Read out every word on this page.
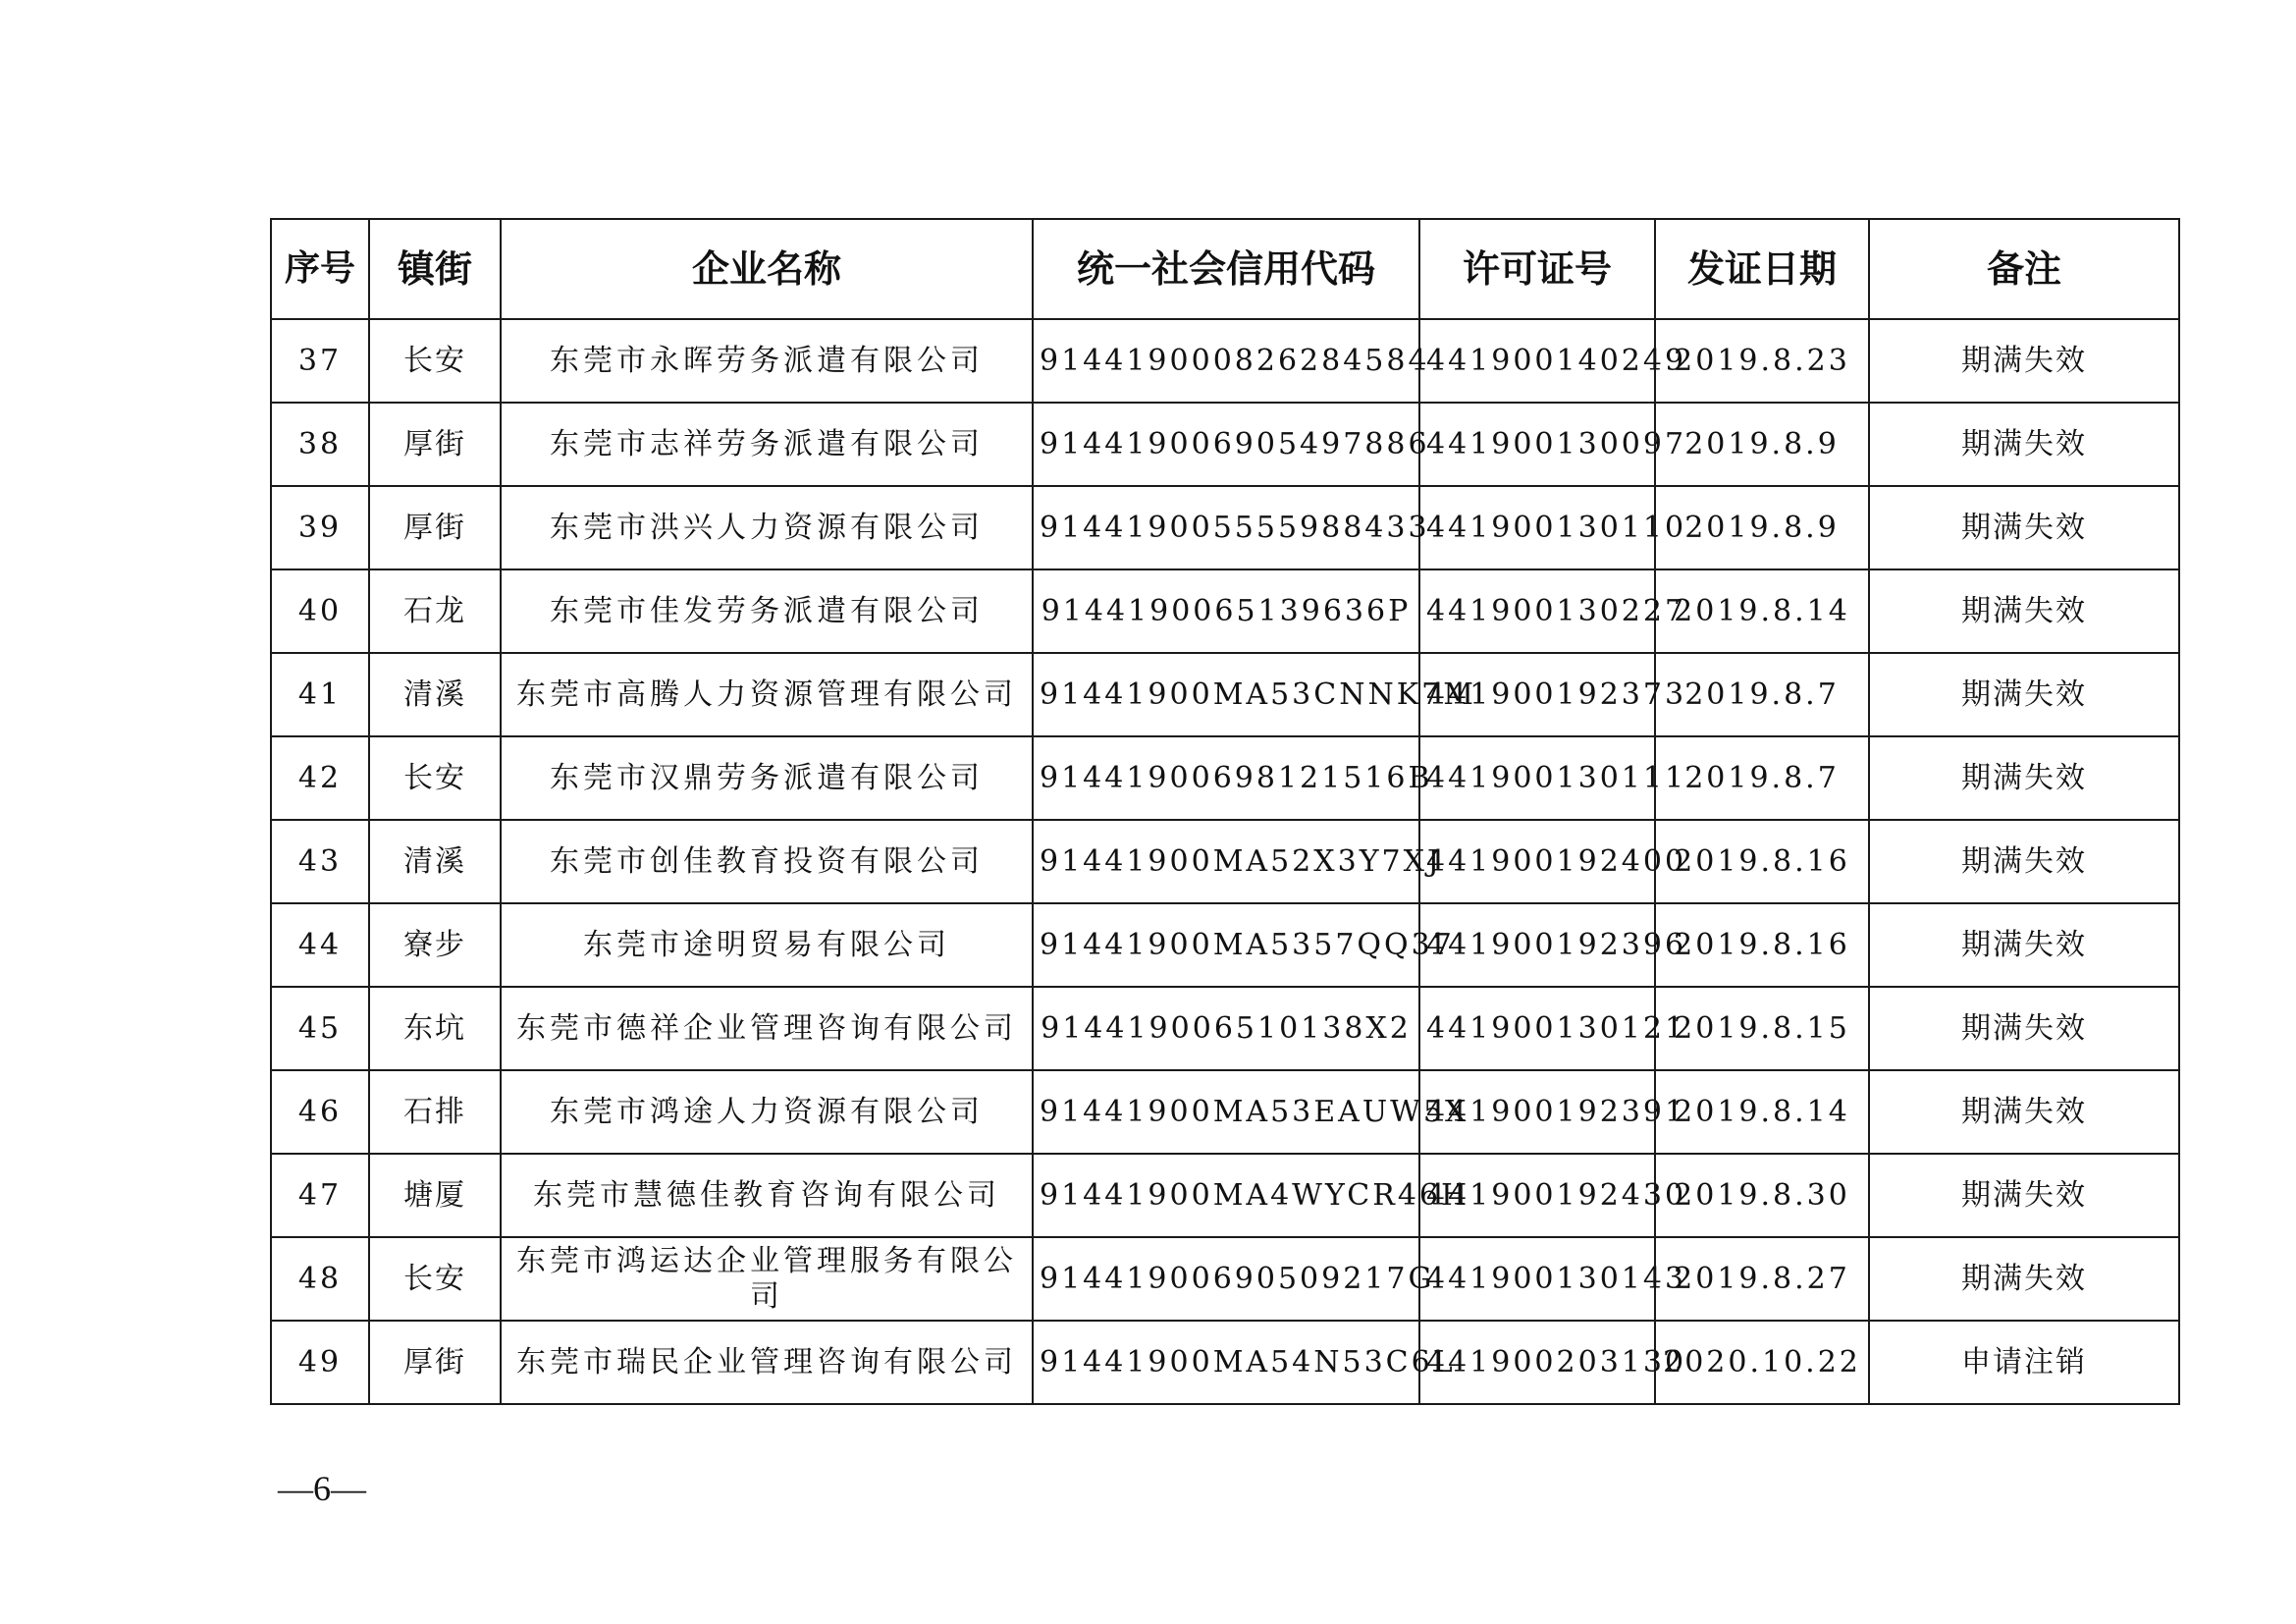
序号	镇街	企业名称	统一社会信用代码	许可证号	发证日期	备注
37	长安	东莞市永晖劳务派遣有限公司	914419000826284584	441900140249	2019.8.23	期满失效
38	厚街	东莞市志祥劳务派遣有限公司	914419006905497886	441900130097	2019.8.9	期满失效
39	厚街	东莞市洪兴人力资源有限公司	914419005555988433	441900130110	2019.8.9	期满失效
40	石龙	东莞市佳发劳务派遣有限公司	9144190065139636P	441900130227	2019.8.14	期满失效
41	清溪	东莞市高腾人力资源管理有限公司	91441900MA53CNNK7M	441900192373	2019.8.7	期满失效
42	长安	东莞市汉鼎劳务派遣有限公司	91441900698121516B	441900130111	2019.8.7	期满失效
43	清溪	东莞市创佳教育投资有限公司	91441900MA52X3Y7XJ	441900192400	2019.8.16	期满失效
44	寮步	东莞市途明贸易有限公司	91441900MA5357QQ37	441900192396	2019.8.16	期满失效
45	东坑	东莞市德祥企业管理咨询有限公司	914419006510138X2	441900130121	2019.8.15	期满失效
46	石排	东莞市鸿途人力资源有限公司	91441900MA53EAUW5X	441900192391	2019.8.14	期满失效
47	塘厦	东莞市慧德佳教育咨询有限公司	91441900MA4WYCR46H	441900192430	2019.8.30	期满失效
48	长安	东莞市鸿运达企业管理服务有限公司	91441900690509217G	441900130143	2019.8.27	期满失效
49	厚街	东莞市瑞民企业管理咨询有限公司	91441900MA54N53C6L	441900203130	2020.10.22	申请注销
—6—
